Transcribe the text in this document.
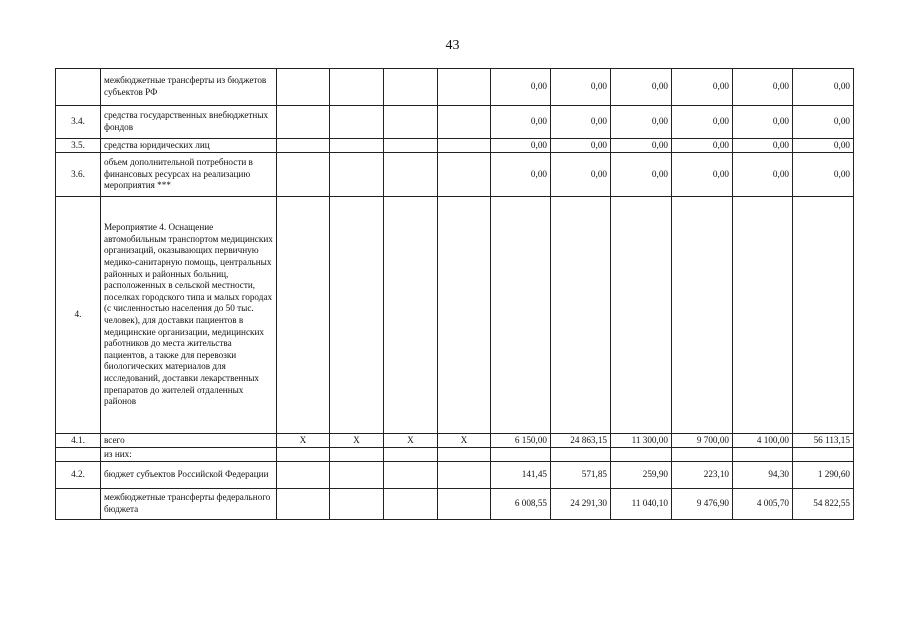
43
	межбюджетные трансферты из бюджетов субъектов РФ					0,00	0,00	0,00	0,00	0,00	0,00
3.4.	средства государственных внебюджетных фондов					0,00	0,00	0,00	0,00	0,00	0,00
3.5.	средства юридических лиц					0,00	0,00	0,00	0,00	0,00	0,00
3.6.	объем дополнительной потребности в финансовых ресурсах на реализацию мероприятия ***					0,00	0,00	0,00	0,00	0,00	0,00
4.	Мероприятие 4. Оснащение автомобильным транспортом медицинских организаций, оказывающих первичную медико-санитарную помощь, центральных районных и районных больниц, расположенных в сельской местности, поселках городского типа и малых городах (с численностью населения до 50 тыс. человек), для доставки пациентов в медицинские организации, медицинских работников до места жительства пациентов, а также для перевозки биологических материалов для исследований, доставки лекарственных препаратов до жителей отдаленных районов										
4.1.	всего	X	X	X	X	6 150,00	24 863,15	11 300,00	9 700,00	4 100,00	56 113,15
	из них:										
4.2.	бюджет субъектов Российской Федерации					141,45	571,85	259,90	223,10	94,30	1 290,60
	межбюджетные трансферты федерального бюджета					6 008,55	24 291,30	11 040,10	9 476,90	4 005,70	54 822,55
